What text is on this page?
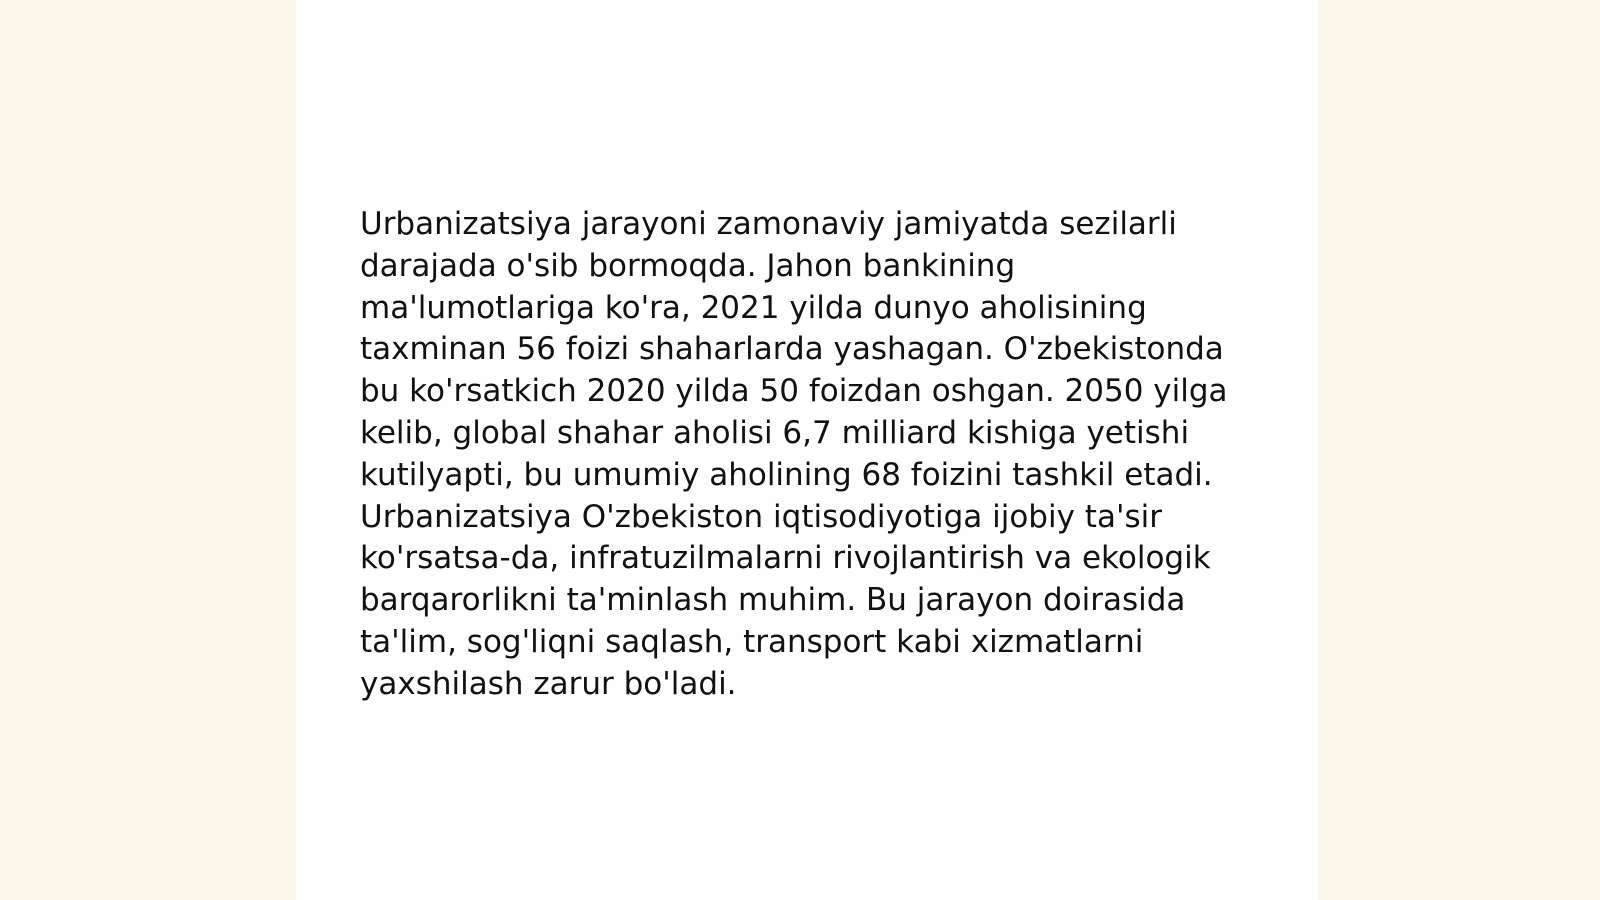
Urbanizatsiya jarayoni zamonaviy jamiyatda sezilarli darajada o'sib bormoqda. Jahon bankining ma'lumotlariga ko'ra, 2021 yilda dunyo aholisining taxminan 56 foizi shaharlarda yashagan. O'zbekistonda bu ko'rsatkich 2020 yilda 50 foizdan oshgan. 2050 yilga kelib, global shahar aholisi 6,7 milliard kishiga yetishi kutilyapti, bu umumiy aholining 68 foizini tashkil etadi. Urbanizatsiya O'zbekiston iqtisodiyotiga ijobiy ta'sir ko'rsatsa-da, infratuzilmalarni rivojlantirish va ekologik barqarorlikni ta'minlash muhim. Bu jarayon doirasida ta'lim, sog'liqni saqlash, transport kabi xizmatlarni yaxshilash zarur bo'ladi.
